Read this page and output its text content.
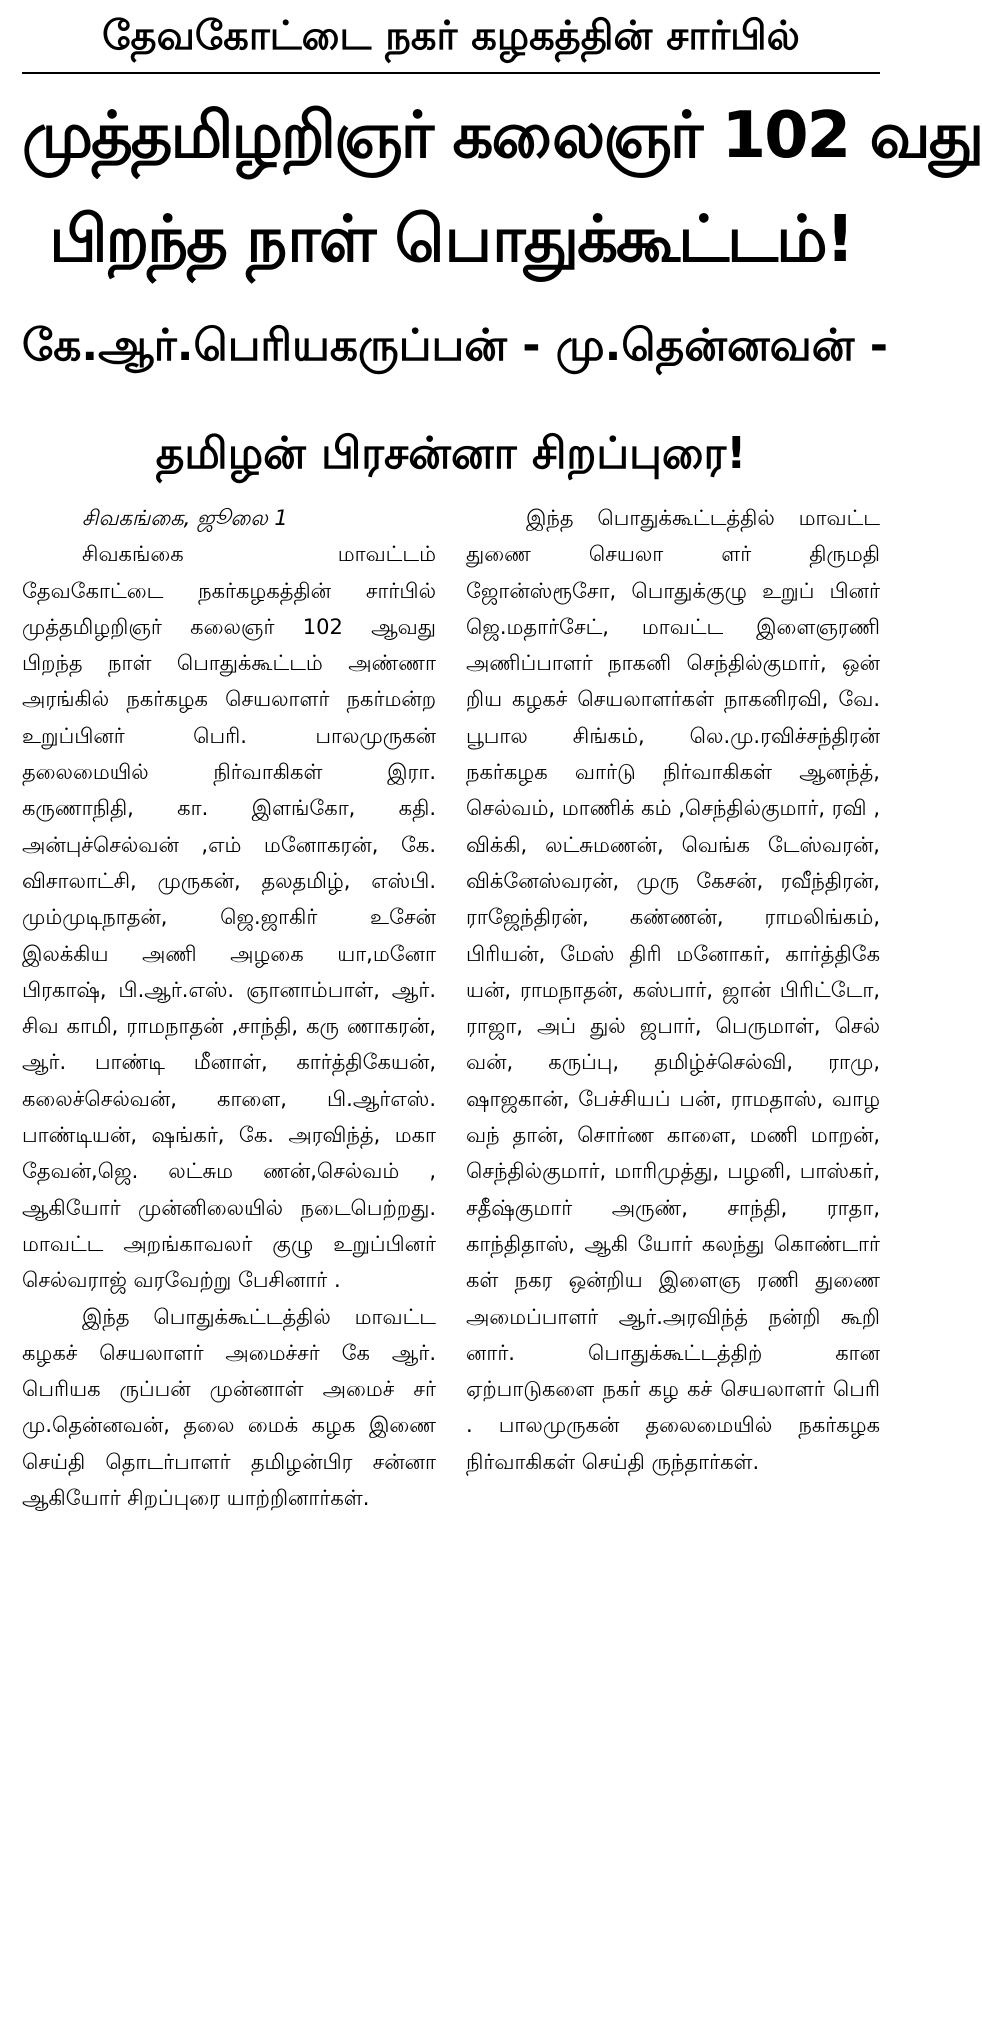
தேவகோட்டை நகர் கழகத்தின் சார்பில்
முத்தமிழறிஞர் கலைஞர் 102 வது
பிறந்த நாள் பொதுக்கூட்டம்!
கே.ஆர்.பெரியகருப்பன் - மு.தென்னவன் -
தமிழன் பிரசன்னா சிறப்புரை!

சிவகங்கை, ஜூலை 1

சிவகங்கை மாவட்டம் தேவகோட்டை நகர்கழகத்தின் சார்பில் முத்தமிழறிஞர் கலைஞர் 102 ஆவது பிறந்த நாள் பொதுக்கூட்டம் அண்ணா அரங்கில் நகர்கழக செயலாளர் நகர்மன்ற உறுப்பினர் பெரி. பாலமுருகன் தலைமையில் நிர்வாகிகள் இரா. கருணாநிதி, கா. இளங்கோ, கதி. அன்புச்செல்வன் ,எம் மனோகரன், கே. விசாலாட்சி, முருகன், தலதமிழ், எஸ்பி. மும்முடிநாதன், ஜெ.ஜாகிர் உசேன் இலக்கிய அணி அழகை யா,மனோ பிரகாஷ், பி.ஆர்.எஸ். ஞானாம்பாள், ஆர். சிவ காமி, ராமநாதன் ,சாந்தி, கரு ணாகரன், ஆர். பாண்டி மீனாள், கார்த்திகேயன், கலைச்செல்வன், காளை, பி.ஆர்எஸ். பாண்டியன், ஷங்கர், கே. அரவிந்த், மகா தேவன்,ஜெ. லட்சும ணன்,செல்வம் , ஆகியோர் முன்னிலையில் நடைபெற்றது. மாவட்ட அறங்காவலர் குழு உறுப்பினர் செல்வராஜ் வரவேற்று பேசினார் .

இந்த பொதுக்கூட்டத்தில் மாவட்ட கழகச் செயலாளர் அமைச்சர் கே ஆர். பெரியக ருப்பன் முன்னாள் அமைச் சர் மு.தென்னவன், தலை மைக் கழக இணை செய்தி தொடர்பாளர் தமிழன்பிர சன்னா ஆகியோர் சிறப்புரை யாற்றினார்கள்.

இந்த பொதுக்கூட்டத்தில் மாவட்ட துணை செயலா ளர் திருமதி ஜோன்ஸ்ரூசோ, பொதுக்குழு உறுப் பினர் ஜெ.மதார்சேட், மாவட்ட இளைஞரணி அணிப்பாளர் நாகனி செந்தில்குமார், ஒன் றிய கழகச் செயலாளர்கள் நாகனிரவி, வே. பூபால சிங்கம், லெ.மு.ரவிச்சந்திரன் நகர்கழக வார்டு நிர்வாகிகள் ஆனந்த், செல்வம், மாணிக் கம் ,செந்தில்குமார், ரவி , விக்கி, லட்சுமணன், வெங்க டேஸ்வரன், விக்னேஸ்வரன், முரு கேசன், ரவீந்திரன், ராஜேந்திரன், கண்ணன், ராமலிங்கம், பிரியன், மேஸ் திரி மனோகர், கார்த்திகே யன், ராமநாதன், கஸ்பார், ஜான் பிரிட்டோ, ராஜா, அப் துல் ஜபார், பெருமாள், செல் வன், கருப்பு, தமிழ்ச்செல்வி, ராமு, ஷாஜகான், பேச்சியப் பன், ராமதாஸ், வாழ வந் தான், சொர்ண காளை, மணி மாறன், செந்தில்குமார், மாரிமுத்து, பழனி, பாஸ்கர், சதீஷ்குமார் அருண், சாந்தி, ராதா, காந்திதாஸ், ஆகி யோர் கலந்து கொண்டார் கள் நகர ஒன்றிய இளைஞ ரணி துணை அமைப்பாளர் ஆர்.அரவிந்த் நன்றி கூறி னார். பொதுக்கூட்டத்திற் கான ஏற்பாடுகளை நகர் கழ கச் செயலாளர் பெரி . பாலமுருகன் தலைமையில் நகர்கழக நிர்வாகிகள் செய்தி ருந்தார்கள்.
